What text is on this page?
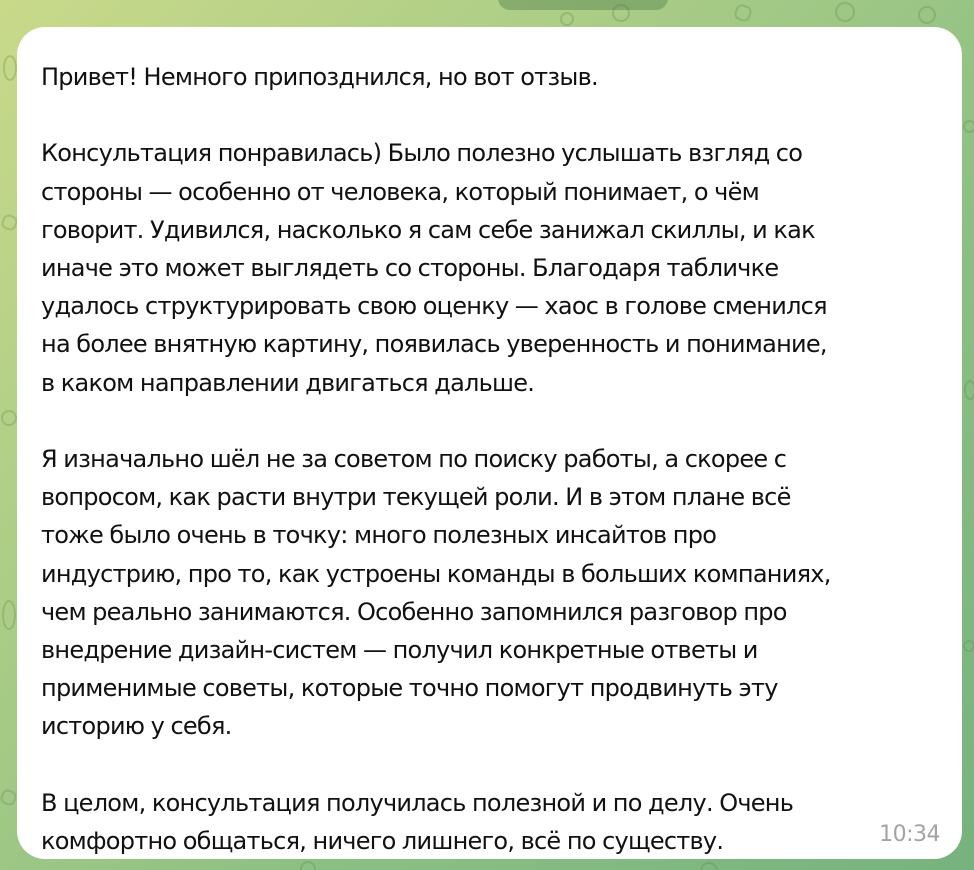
Привет! Немного припозднился, но вот отзыв.

Консультация понравилась) Было полезно услышать взгляд со
стороны — особенно от человека, который понимает, о чём
говорит. Удивился, насколько я сам себе занижал скиллы, и как
иначе это может выглядеть со стороны. Благодаря табличке
удалось структурировать свою оценку — хаос в голове сменился
на более внятную картину, появилась уверенность и понимание,
в каком направлении двигаться дальше.

Я изначально шёл не за советом по поиску работы, а скорее с
вопросом, как расти внутри текущей роли. И в этом плане всё
тоже было очень в точку: много полезных инсайтов про
индустрию, про то, как устроены команды в больших компаниях,
чем реально занимаются. Особенно запомнился разговор про
внедрение дизайн-систем — получил конкретные ответы и
применимые советы, которые точно помогут продвинуть эту
историю у себя.

В целом, консультация получилась полезной и по делу. Очень
комфортно общаться, ничего лишнего, всё по существу.	10:34
